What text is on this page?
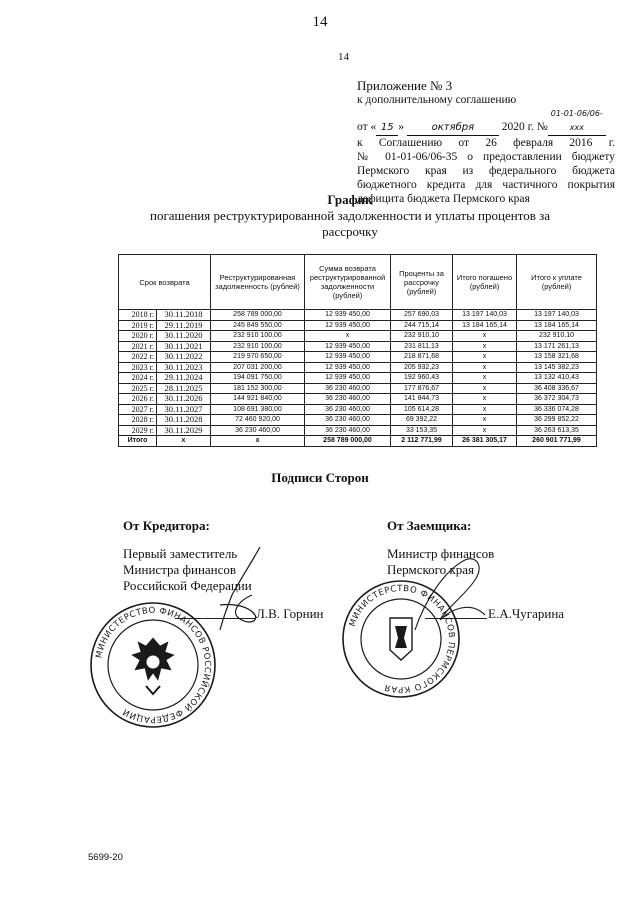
14
14
Приложение № 3
к дополнительному соглашению
от « 15 »	октября 2020 г. №01-01-06/06-ххх
к Соглашению от 26 февраля 2016 г.
№ 01-01-06/06-35 о предоставлении бюджету
Пермского края из федерального бюджета
бюджетного кредита для частичного покрытия
дефицита бюджета Пермского края
График
погашения реструктурированной задолженности и уплаты процентов за
рассрочку
Срок возврата		Реструктурированная задолженность (рублей)	Сумма возврата реструктурированной задолженности (рублей)	Проценты за рассрочку (рублей)	Итого погашено (рублей)	Итого к уплате (рублей)
2018 г.	30.11.2018	258 789 000,00	12 939 450,00	257 690,03	13 197 140,03	13 197 140,03
2019 г.	29.11.2019	245 849 550,00	12 939 450,00	244 715,14	13 184 165,14	13 184 165,14
2020 г.	30.11.2020	232 910 100,00	х	232 910,10	х	232 910,10
2021 г.	30.11.2021	232 910 100,00	12 939 450,00	231 811,13	х	13 171 261,13
2022 г.	30.11.2022	219 970 650,00	12 939 450,00	218 871,68	х	13 158 321,68
2023 г.	30.11.2023	207 031 200,00	12 939 450,00	205 932,23	х	13 145 382,23
2024 г.	29.11.2024	194 091 750,00	12 939 450,00	192 960,43	х	13 132 410,43
2025 г.	28.11.2025	181 152 300,00	36 230 460,00	177 876,67	х	36 408 336,67
2026 г.	30.11.2026	144 921 840,00	36 230 460,00	141 844,73	х	36 372 304,73
2027 г.	30.11.2027	108 691 380,00	36 230 460,00	105 614,28	х	36 336 074,28
2028 г.	30.11.2028	72 460 920,00	36 230 460,00	69 392,22	х	36 299 852,22
2029 г.	30.11.2029	36 230 460,00	36 230 460,00	33 153,35	х	36 263 613,35
Итого	х	х	258 789 000,00	2 112 771,99	26 381 305,17	260 901 771,99
Подписи Сторон
От Кредитора:	От Заемщика:
Первый заместитель
Министра финансов
Российской Федерации
Министр финансов
Пермского края
Л.В. Горнин	Е.А.Чугарина
МИНИСТЕРСТВО ФИНАНСОВ РОССИЙСКОЙ ФЕДЕРАЦИИ
МИНИСТЕРСТВО ФИНАНСОВ ПЕРМСКОГО КРАЯ
5699-20
